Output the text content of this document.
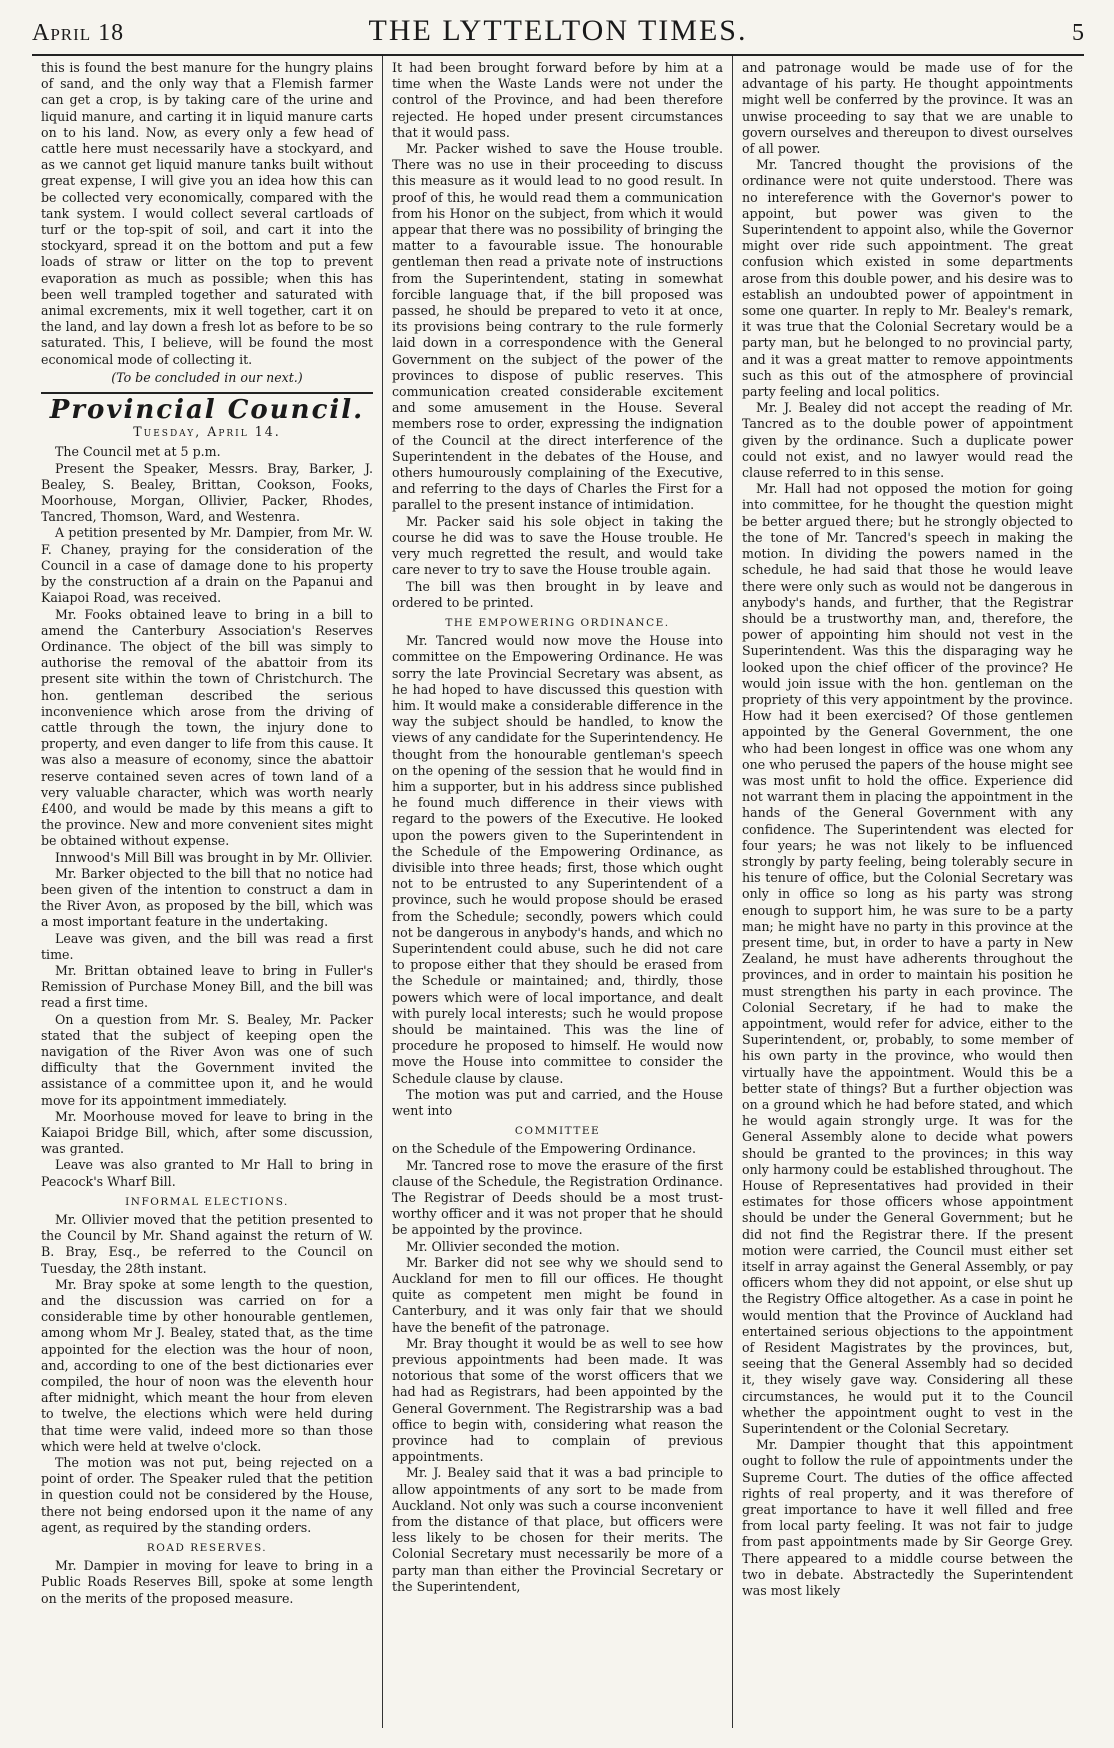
April 18	THE LYTTELTON TIMES.	5

this is found the best manure for the hungry plains of sand, and the only way that a Flemish farmer can get a crop, is by taking care of the urine and liquid manure, and carting it in liquid manure carts on to his land. Now, as every only a few head of cattle here must necessarily have a stockyard, and as we cannot get liquid manure tanks built without great expense, I will give you an idea how this can be collected very economically, compared with the tank system. I would collect several cartloads of turf or the top-spit of soil, and cart it into the stockyard, spread it on the bottom and put a few loads of straw or litter on the top to prevent evaporation as much as possible; when this has been well trampled together and saturated with animal excrements, mix it well together, cart it on the land, and lay down a fresh lot as before to be so saturated. This, I believe, will be found the most economical mode of collecting it.

(To be concluded in our next.)
Provincial Council.
Tuesday, April 14.

The Council met at 5 p.m.

Present the Speaker, Messrs. Bray, Barker, J. Bealey, S. Bealey, Brittan, Cookson, Fooks, Moorhouse, Morgan, Ollivier, Packer, Rhodes, Tancred, Thomson, Ward, and Westenra.

A petition presented by Mr. Dampier, from Mr. W. F. Chaney, praying for the consideration of the Council in a case of damage done to his property by the construction af a drain on the Papanui and Kaiapoi Road, was received.

Mr. Fooks obtained leave to bring in a bill to amend the Canterbury Association's Reserves Ordinance. The object of the bill was simply to authorise the removal of the abattoir from its present site within the town of Christchurch. The hon. gentleman described the serious inconvenience which arose from the driving of cattle through the town, the injury done to property, and even danger to life from this cause. It was also a measure of economy, since the abattoir reserve contained seven acres of town land of a very valuable character, which was worth nearly £400, and would be made by this means a gift to the province. New and more convenient sites might be obtained without expense.

Innwood's Mill Bill was brought in by Mr. Ollivier.

Mr. Barker objected to the bill that no notice had been given of the intention to construct a dam in the River Avon, as proposed by the bill, which was a most important feature in the undertaking.

Leave was given, and the bill was read a first time.

Mr. Brittan obtained leave to bring in Fuller's Remission of Purchase Money Bill, and the bill was read a first time.

On a question from Mr. S. Bealey, Mr. Packer stated that the subject of keeping open the navigation of the River Avon was one of such difficulty that the Government invited the assistance of a committee upon it, and he would move for its appointment immediately.

Mr. Moorhouse moved for leave to bring in the Kaiapoi Bridge Bill, which, after some discussion, was granted.

Leave was also granted to Mr Hall to bring in Peacock's Wharf Bill.

INFORMAL ELECTIONS.

Mr. Ollivier moved that the petition presented to the Council by Mr. Shand against the return of W. B. Bray, Esq., be referred to the Council on Tuesday, the 28th instant.

Mr. Bray spoke at some length to the question, and the discussion was carried on for a considerable time by other honourable gentlemen, among whom Mr J. Bealey, stated that, as the time appointed for the election was the hour of noon, and, according to one of the best dictionaries ever compiled, the hour of noon was the eleventh hour after midnight, which meant the hour from eleven to twelve, the elections which were held during that time were valid, indeed more so than those which were held at twelve o'clock.

The motion was not put, being rejected on a point of order. The Speaker ruled that the petition in question could not be considered by the House, there not being endorsed upon it the name of any agent, as required by the standing orders.

ROAD RESERVES.

Mr. Dampier in moving for leave to bring in a Public Roads Reserves Bill, spoke at some length on the merits of the proposed measure.

It had been brought forward before by him at a time when the Waste Lands were not under the control of the Province, and had been therefore rejected. He hoped under present circumstances that it would pass.

Mr. Packer wished to save the House trouble. There was no use in their proceeding to discuss this measure as it would lead to no good result. In proof of this, he would read them a communication from his Honor on the subject, from which it would appear that there was no possibility of bringing the matter to a favourable issue. The honourable gentleman then read a private note of instructions from the Superintendent, stating in somewhat forcible language that, if the bill proposed was passed, he should be prepared to veto it at once, its provisions being contrary to the rule formerly laid down in a correspondence with the General Government on the subject of the power of the provinces to dispose of public reserves. This communication created considerable excitement and some amusement in the House. Several members rose to order, expressing the indignation of the Council at the direct interference of the Superintendent in the debates of the House, and others humourously complaining of the Executive, and referring to the days of Charles the First for a parallel to the present instance of intimidation.

Mr. Packer said his sole object in taking the course he did was to save the House trouble. He very much regretted the result, and would take care never to try to save the House trouble again.

The bill was then brought in by leave and ordered to be printed.

THE EMPOWERING ORDINANCE.

Mr. Tancred would now move the House into committee on the Empowering Ordinance. He was sorry the late Provincial Secretary was absent, as he had hoped to have discussed this question with him. It would make a considerable difference in the way the subject should be handled, to know the views of any candidate for the Superintendency. He thought from the honourable gentleman's speech on the opening of the session that he would find in him a supporter, but in his address since published he found much difference in their views with regard to the powers of the Executive. He looked upon the powers given to the Superintendent in the Schedule of the Empowering Ordinance, as divisible into three heads; first, those which ought not to be entrusted to any Superintendent of a province, such he would propose should be erased from the Schedule; secondly, powers which could not be dangerous in anybody's hands, and which no Superintendent could abuse, such he did not care to propose either that they should be erased from the Schedule or maintained; and, thirdly, those powers which were of local importance, and dealt with purely local interests; such he would propose should be maintained. This was the line of procedure he proposed to himself. He would now move the House into committee to consider the Schedule clause by clause.

The motion was put and carried, and the House went into

COMMITTEE

on the Schedule of the Empowering Ordinance.

Mr. Tancred rose to move the erasure of the first clause of the Schedule, the Registration Ordinance. The Registrar of Deeds should be a most trust-worthy officer and it was not proper that he should be appointed by the province.

Mr. Ollivier seconded the motion.

Mr. Barker did not see why we should send to Auckland for men to fill our offices. He thought quite as competent men might be found in Canterbury, and it was only fair that we should have the benefit of the patronage.

Mr. Bray thought it would be as well to see how previous appointments had been made. It was notorious that some of the worst officers that we had had as Registrars, had been appointed by the General Government. The Registrarship was a bad office to begin with, considering what reason the province had to complain of previous appointments.

Mr. J. Bealey said that it was a bad principle to allow appointments of any sort to be made from Auckland. Not only was such a course inconvenient from the distance of that place, but officers were less likely to be chosen for their merits. The Colonial Secretary must necessarily be more of a party man than either the Provincial Secretary or the Superintendent,

and patronage would be made use of for the advantage of his party. He thought appointments might well be conferred by the province. It was an unwise proceeding to say that we are unable to govern ourselves and thereupon to divest ourselves of all power.

Mr. Tancred thought the provisions of the ordinance were not quite understood. There was no intereference with the Governor's power to appoint, but power was given to the Superintendent to appoint also, while the Governor might over ride such appointment. The great confusion which existed in some departments arose from this double power, and his desire was to establish an undoubted power of appointment in some one quarter. In reply to Mr. Bealey's remark, it was true that the Colonial Secretary would be a party man, but he belonged to no provincial party, and it was a great matter to remove appointments such as this out of the atmosphere of provincial party feeling and local politics.

Mr. J. Bealey did not accept the reading of Mr. Tancred as to the double power of appointment given by the ordinance. Such a duplicate power could not exist, and no lawyer would read the clause referred to in this sense.

Mr. Hall had not opposed the motion for going into committee, for he thought the question might be better argued there; but he strongly objected to the tone of Mr. Tancred's speech in making the motion. In dividing the powers named in the schedule, he had said that those he would leave there were only such as would not be dangerous in anybody's hands, and further, that the Registrar should be a trustworthy man, and, therefore, the power of appointing him should not vest in the Superintendent. Was this the disparaging way he looked upon the chief officer of the province? He would join issue with the hon. gentleman on the propriety of this very appointment by the province. How had it been exercised? Of those gentlemen appointed by the General Government, the one who had been longest in office was one whom any one who perused the papers of the house might see was most unfit to hold the office. Experience did not warrant them in placing the appointment in the hands of the General Government with any confidence. The Superintendent was elected for four years; he was not likely to be influenced strongly by party feeling, being tolerably secure in his tenure of office, but the Colonial Secretary was only in office so long as his party was strong enough to support him, he was sure to be a party man; he might have no party in this province at the present time, but, in order to have a party in New Zealand, he must have adherents throughout the provinces, and in order to maintain his position he must strengthen his party in each province. The Colonial Secretary, if he had to make the appointment, would refer for advice, either to the Superintendent, or, probably, to some member of his own party in the province, who would then virtually have the appointment. Would this be a better state of things? But a further objection was on a ground which he had before stated, and which he would again strongly urge. It was for the General Assembly alone to decide what powers should be granted to the provinces; in this way only harmony could be established throughout. The House of Representatives had provided in their estimates for those officers whose appointment should be under the General Government; but he did not find the Registrar there. If the present motion were carried, the Council must either set itself in array against the General Assembly, or pay officers whom they did not appoint, or else shut up the Registry Office altogether. As a case in point he would mention that the Province of Auckland had entertained serious objections to the appointment of Resident Magistrates by the provinces, but, seeing that the General Assembly had so decided it, they wisely gave way. Considering all these circumstances, he would put it to the Council whether the appointment ought to vest in the Superintendent or the Colonial Secretary.

Mr. Dampier thought that this appointment ought to follow the rule of appointments under the Supreme Court. The duties of the office affected rights of real property, and it was therefore of great importance to have it well filled and free from local party feeling. It was not fair to judge from past appointments made by Sir George Grey. There appeared to a middle course between the two in debate. Abstractedly the Superintendent was most likely
